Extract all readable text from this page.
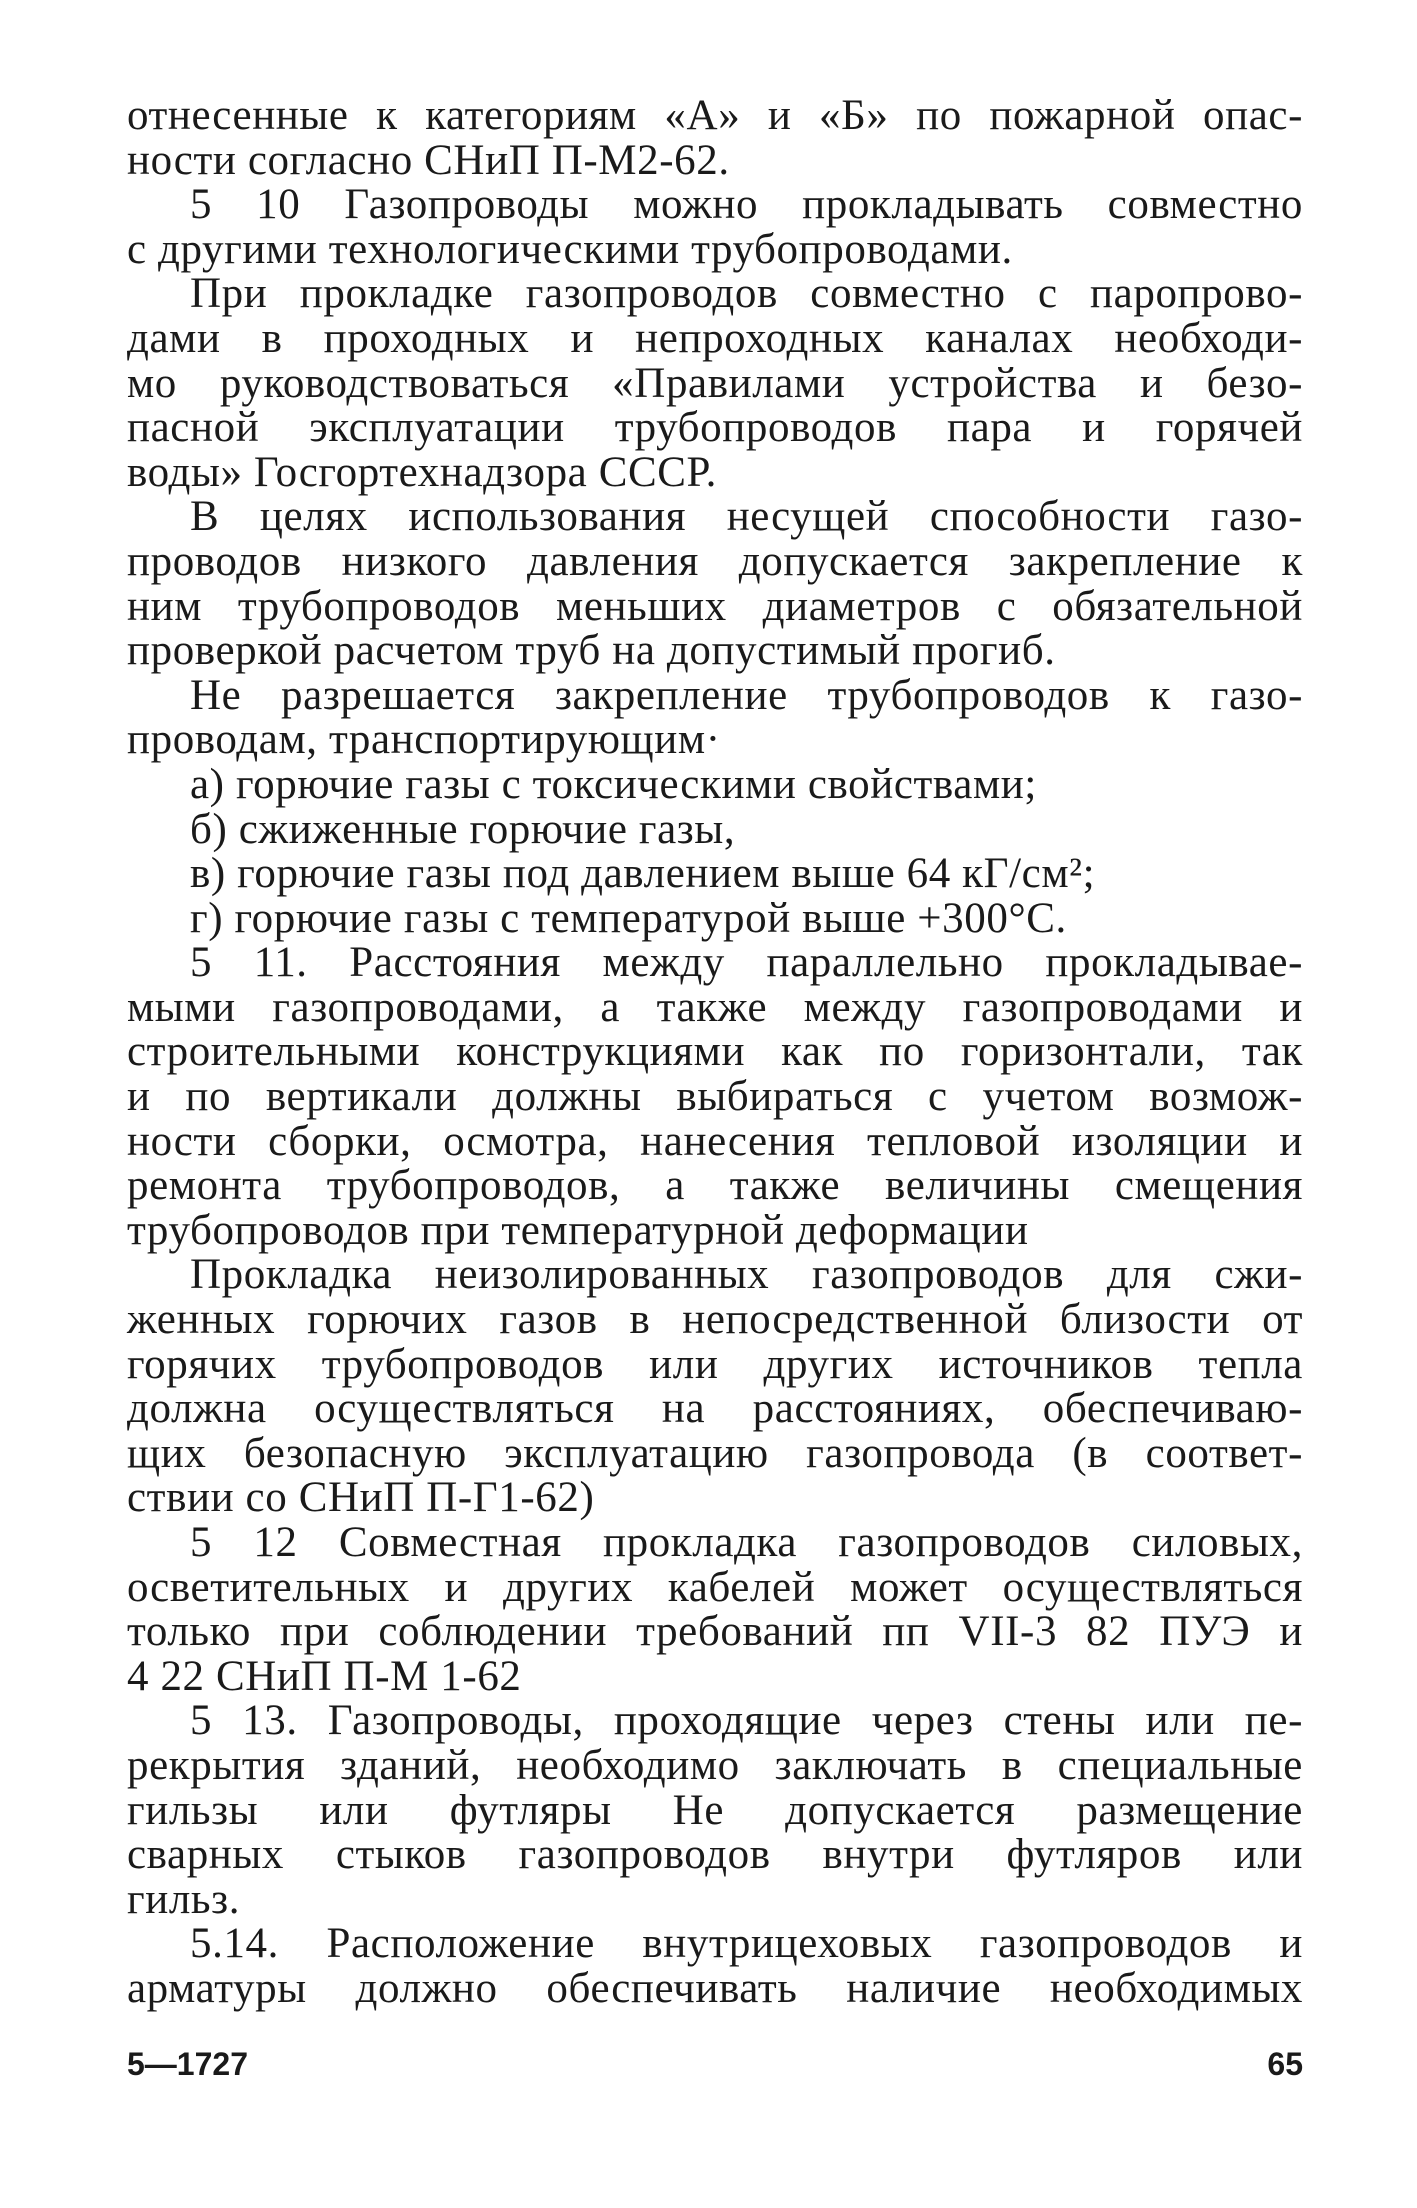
отнесенные к категориям «А» и «Б» по пожарной опас-
ности согласно СНиП П-М2-62.
5 10 Газопроводы можно прокладывать совместно
с другими технологическими трубопроводами.
При прокладке газопроводов совместно с паропрово-
дами в проходных и непроходных каналах необходи-
мо руководствоваться «Правилами устройства и безо-
пасной эксплуатации трубопроводов пара и горячей
воды» Госгортехнадзора СССР.
В целях использования несущей способности газо-
проводов низкого давления допускается закрепление к
ним трубопроводов меньших диаметров с обязательной
проверкой расчетом труб на допустимый прогиб.
Не разрешается закрепление трубопроводов к газо-
проводам, транспортирующим·
а) горючие газы с токсическими свойствами;
б) сжиженные горючие газы,
в) горючие газы под давлением выше 64 кГ/см²;
г) горючие газы с температурой выше +300°С.
5 11. Расстояния между параллельно прокладывае-
мыми газопроводами, а также между газопроводами и
строительными конструкциями как по горизонтали, так
и по вертикали должны выбираться с учетом возмож-
ности сборки, осмотра, нанесения тепловой изоляции и
ремонта трубопроводов, а также величины смещения
трубопроводов при температурной деформации
Прокладка неизолированных газопроводов для сжи-
женных горючих газов в непосредственной близости от
горячих трубопроводов или других источников тепла
должна осуществляться на расстояниях, обеспечиваю-
щих безопасную эксплуатацию газопровода (в соответ-
ствии со СНиП П-Г1-62)
5 12 Совместная прокладка газопроводов силовых,
осветительных и других кабелей может осуществляться
только при соблюдении требований пп VII-3 82 ПУЭ и
4 22 СНиП П-М 1-62
5 13. Газопроводы, проходящие через стены или пе-
рекрытия зданий, необходимо заключать в специальные
гильзы или футляры Не допускается размещение
сварных стыков газопроводов внутри футляров или
гильз.
5.14. Расположение внутрицеховых газопроводов и
арматуры должно обеспечивать наличие необходимых
5—1727	65
